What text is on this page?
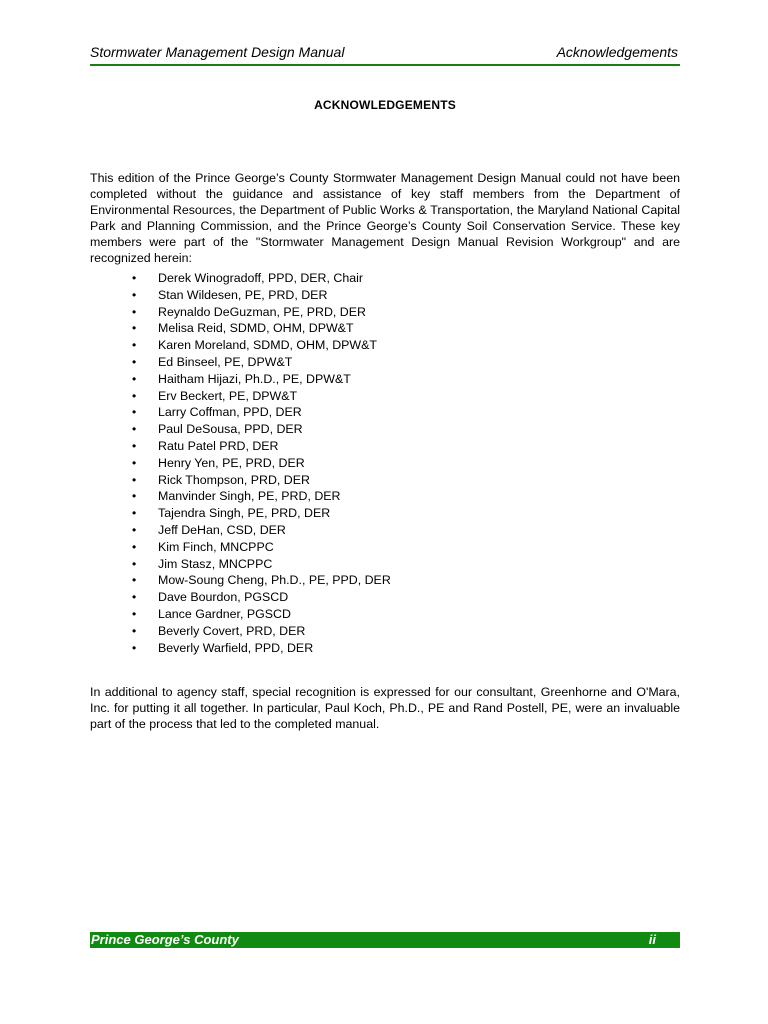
Stormwater Management Design Manual	Acknowledgements
ACKNOWLEDGEMENTS

This edition of the Prince George’s County Stormwater Management Design Manual could not have been completed without the guidance and assistance of key staff members from the Department of Environmental Resources, the Department of Public Works & Transportation, the Maryland National Capital Park and Planning Commission, and the Prince George’s County Soil Conservation Service. These key members were part of the "Stormwater Management Design Manual Revision Workgroup" and are recognized herein:

• Derek Winogradoff, PPD, DER, Chair
• Stan Wildesen, PE, PRD, DER
• Reynaldo DeGuzman, PE, PRD, DER
• Melisa Reid, SDMD, OHM, DPW&T
• Karen Moreland, SDMD, OHM, DPW&T
• Ed Binseel, PE, DPW&T
• Haitham Hijazi, Ph.D., PE, DPW&T
• Erv Beckert, PE, DPW&T
• Larry Coffman, PPD, DER
• Paul DeSousa, PPD, DER
• Ratu Patel PRD, DER
• Henry Yen, PE, PRD, DER
• Rick Thompson, PRD, DER
• Manvinder Singh, PE, PRD, DER
• Tajendra Singh, PE, PRD, DER
• Jeff DeHan, CSD, DER
• Kim Finch, MNCPPC
• Jim Stasz, MNCPPC
• Mow-Soung Cheng, Ph.D., PE, PPD, DER
• Dave Bourdon, PGSCD
• Lance Gardner, PGSCD
• Beverly Covert, PRD, DER
• Beverly Warfield, PPD, DER

In additional to agency staff, special recognition is expressed for our consultant, Greenhorne and O'Mara, Inc. for putting it all together. In particular, Paul Koch, Ph.D., PE and Rand Postell, PE, were an invaluable part of the process that led to the completed manual.

Prince George’s County	ii
